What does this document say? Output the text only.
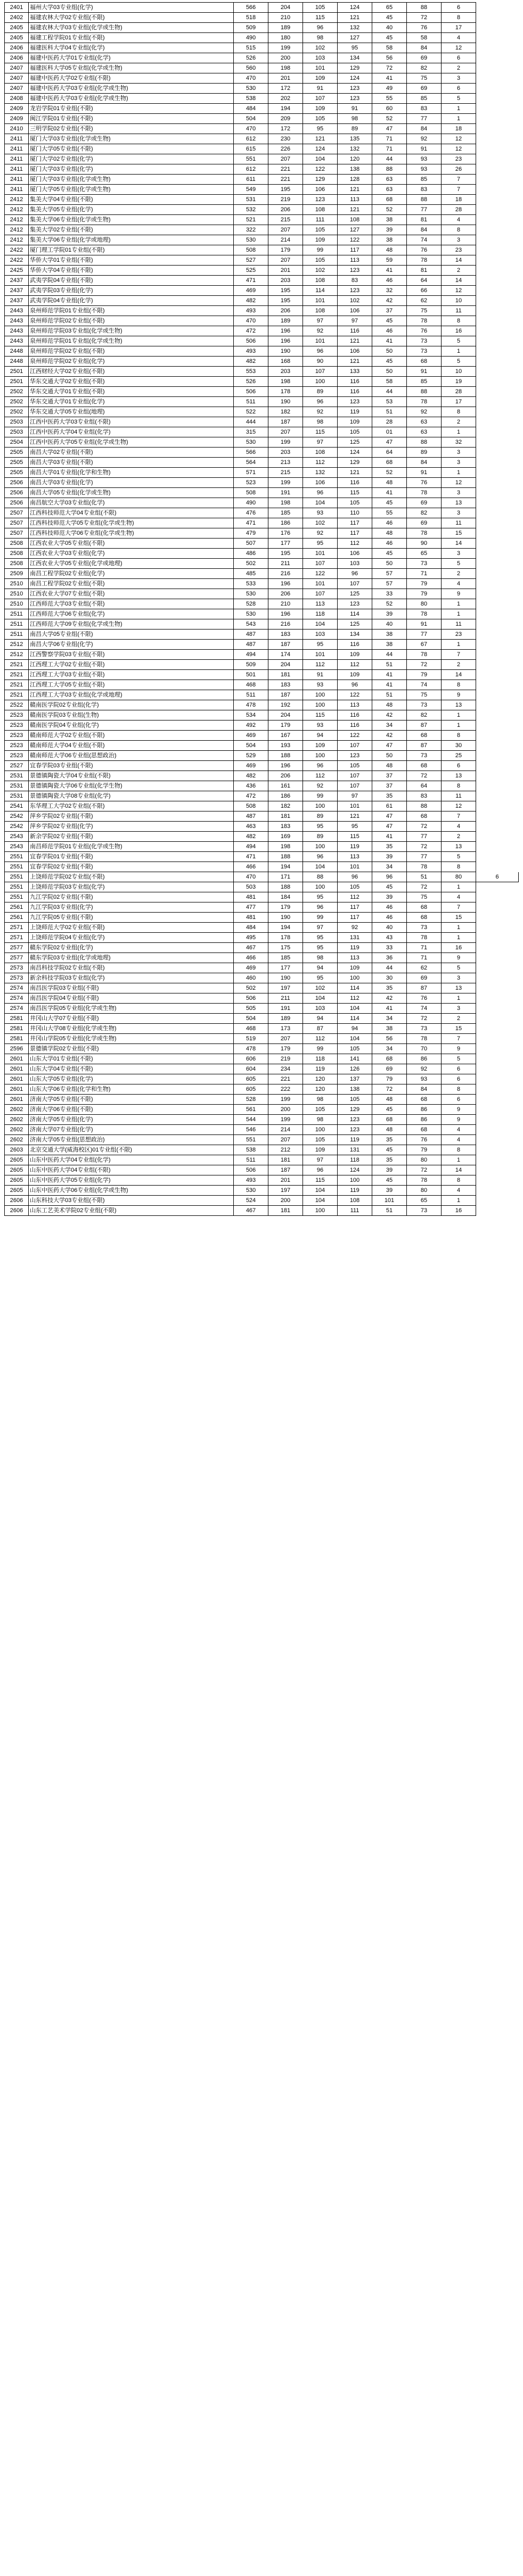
2401	福州大学03专业组(化学)	566	204	105	124	65	88	6	
2402	福建农林大学02专业组(不限)	518	210	115	121	45	72	8	
2405	福建农林大学03专业组(化学或生物)	509	189	96	132	40	76	17	
2405	福建工程学院01专业组(不限)	490	180	98	127	45	58	4	
2406	福建医科大学04专业组(化学)	515	199	102	95	58	84	12	
2406	福建中医药大学01专业组(化学)	526	200	103	134	56	69	6	
2407	福建医科大学05专业组(化学或生物)	560	198	101	129	72	82	2	
2407	福建中医药大学02专业组(不限)	470	201	109	124	41	75	3	
2407	福建中医药大学03专业组(化学或生物)	530	172	91	123	49	69	6	
2408	福建中医药大学03专业组(化学或生物)	538	202	107	123	55	85	5	
2409	龙岩学院01专业组(不限)	484	194	109	91	60	83	1	
2409	闽江学院01专业组(不限)	504	209	105	98	52	77	1	
2410	三明学院02专业组(不限)	470	172	95	89	47	84	18	
2411	厦门大学03专业组(化学或生物)	612	230	121	135	71	92	12	
2411	厦门大学05专业组(不限)	615	226	124	132	71	91	12	
2411	厦门大学02专业组(化学)	551	207	104	120	44	93	23	
2411	厦门大学03专业组(化学)	612	221	122	138	88	93	26	
2411	厦门大学03专业组(化学或生物)	611	221	129	128	63	85	7	
2411	厦门大学05专业组(化学或生物)	549	195	106	121	63	83	7	
2412	集美大学04专业组(不限)	531	219	123	113	68	88	18	
2412	集美大学05专业组(化学)	532	206	108	121	52	77	28	
2412	集美大学06专业组(化学或生物)	521	215	111	108	38	81	4	
2412	集美大学02专业组(不限)	322	207	105	127	39	84	8	
2412	集美大学06专业组(化学或地理)	530	214	109	122	38	74	3	
2422	厦门理工学院01专业组(不限)	508	179	99	117	48	76	23	
2422	华侨大学01专业组(不限)	527	207	105	113	59	78	14	
2425	华侨大学04专业组(不限)	525	201	102	123	41	81	2	
2437	武夷学院04专业组(不限)	471	203	108	83	46	64	14	
2437	武夷学院03专业组(化学)	469	195	114	123	32	66	12	
2437	武夷学院04专业组(化学)	482	195	101	102	42	62	10	
2443	泉州师范学院01专业组(不限)	493	206	108	106	37	75	11	
2443	泉州师范学院02专业组(不限)	470	189	97	97	45	78	8	
2443	泉州师范学院03专业组(化学或生物)	472	196	92	116	46	76	16	
2443	泉州师范学院01专业组(化学或生物)	506	196	101	121	41	73	5	
2448	泉州师范学院02专业组(不限)	493	190	96	106	50	73	1	
2448	泉州师范学院02专业组(化学)	482	168	90	121	45	68	5	
2501	江西财经大学02专业组(不限)	553	203	107	133	50	91	10	
2501	华东交通大学02专业组(不限)	526	198	100	116	58	85	19	
2502	华东交通大学01专业组(不限)	506	178	89	116	44	88	28	
2502	华东交通大学01专业组(化学)	511	190	96	123	53	78	17	
2502	华东交通大学05专业组(地理)	522	182	92	119	51	92	8	
2503	江西中医药大学03专业组(不限)	444	187	98	109	28	63	2	
2503	江西中医药大学04专业组(化学)	315	207	115	105	01	63	1	
2504	江西中医药大学05专业组(化学或生物)	530	199	97	125	47	88	32	
2505	南昌大学02专业组(不限)	566	203	108	124	64	89	3	
2505	南昌大学03专业组(不限)	564	213	112	129	68	84	3	
2505	南昌大学01专业组(化学和生物)	571	215	132	121	52	91	1	
2506	南昌大学03专业组(化学)	523	199	106	116	48	76	12	
2506	南昌大学05专业组(化学或生物)	508	191	96	115	41	78	3	
2506	南昌航空大学03专业组(化学)	490	198	104	105	45	69	13	
2507	江西科技师范大学04专业组(不限)	476	185	93	110	55	82	3	
2507	江西科技师范大学05专业组(化学或生物)	471	186	102	117	46	69	11	
2507	江西科技师范大学06专业组(化学或生物)	479	176	92	117	48	78	15	
2508	江西农业大学05专业组(不限)	507	177	95	112	46	90	14	
2508	江西农业大学03专业组(化学)	486	195	101	106	45	65	3	
2508	江西农业大学05专业组(化学或地理)	502	211	107	103	50	73	5	
2509	南昌工程学院02专业组(化学)	485	216	122	96	57	71	2	
2510	南昌工程学院02专业组(不限)	533	196	101	107	57	79	4	
2510	江西农业大学07专业组(不限)	530	206	107	125	33	79	9	
2510	江西师范大学03专业组(不限)	528	210	113	123	52	80	1	
2511	江西师范大学06专业组(化学)	530	196	118	114	39	78	1	
2511	江西师范大学09专业组(化学或生物)	543	216	104	125	40	91	11	
2511	南昌大学05专业组(不限)	487	183	103	134	38	77	23	
2512	南昌大学06专业组(化学)	487	187	95	116	38	67	1	
2512	江西警察学院03专业组(不限)	494	174	101	109	44	78	7	
2521	江西理工大学02专业组(不限)	509	204	112	112	51	72	2	
2521	江西理工大学03专业组(不限)	501	181	91	109	41	79	14	
2521	江西理工大学05专业组(不限)	468	183	93	96	41	74	8	
2521	江西理工大学03专业组(化学或地理)	511	187	100	122	51	75	9	
2522	赣南医学院02专业组(化学)	478	192	100	113	48	73	13	
2523	赣南医学院03专业组(生物)	534	204	115	116	42	82	1	
2523	赣南医学院04专业组(化学)	492	179	93	116	34	87	1	
2523	赣南师范大学02专业组(不限)	469	167	94	122	42	68	8	
2523	赣南师范大学04专业组(不限)	504	193	109	107	47	87	30	
2523	赣南师范大学06专业组(思想政治)	529	188	100	123	50	73	25	
2527	宜春学院03专业组(不限)	469	196	96	105	48	68	6	
2531	景德镇陶瓷大学04专业组(不限)	482	206	112	107	37	72	13	
2531	景德镇陶瓷大学06专业组(化学生物)	436	161	92	107	37	64	8	
2531	景德镇陶瓷大学08专业组(化学)	472	186	99	97	35	83	11	
2541	东华理工大学02专业组(不限)	508	182	100	101	61	88	12	
2542	萍乡学院02专业组(不限)	487	181	89	121	47	68	7	
2542	萍乡学院02专业组(化学)	463	183	95	95	47	72	4	
2543	新余学院02专业组(不限)	482	169	89	115	41	77	2	
2543	南昌师范学院01专业组(化学或生物)	494	198	100	119	35	72	13	
2551	宜春学院01专业组(不限)	471	188	96	113	39	77	5	
2551	宜春学院02专业组(不限)	466	194	104	101	34	78	8	
2551	上饶师范学院02专业组(不限)	470	171	88	96	96	51	80	6
2551	上饶师范学院03专业组(化学)	503	188	100	105	45	72	1	
2551	九江学院02专业组(不限)	481	184	95	112	39	75	4	
2561	九江学院03专业组(化学)	477	179	96	117	46	68	7	
2561	九江学院05专业组(不限)	481	190	99	117	46	68	15	
2571	上饶师范大学02专业组(不限)	484	194	97	92	40	73	1	
2571	上饶师范学院04专业组(化学)	495	178	95	131	43	78	1	
2577	赣东学院02专业组(化学)	467	175	95	119	33	71	16	
2577	赣东学院03专业组(化学或地理)	466	185	98	113	36	71	9	
2573	南昌科技学院02专业组(不限)	469	177	94	109	44	62	5	
2573	新余科技学院03专业组(化学)	460	190	95	100	30	69	3	
2574	南昌医学院03专业组(不限)	502	197	102	114	35	87	13	
2574	南昌医学院04专业组(不限)	506	211	104	112	42	76	1	
2574	南昌医学院05专业组(化学或生物)	505	191	103	104	41	74	3	
2581	井冈山大学07专业组(不限)	504	189	94	114	34	72	2	
2581	井冈山大学08专业组(化学或生物)	468	173	87	94	38	73	15	
2581	井冈山学院05专业组(化学或生物)	519	207	112	104	56	78	7	
2596	景德镇学院02专业组(不限)	478	179	99	105	34	70	9	
2601	山东大学01专业组(不限)	606	219	118	141	68	86	5	
2601	山东大学04专业组(不限)	604	234	119	126	69	92	6	
2601	山东大学05专业组(化学)	605	221	120	137	79	93	6	
2601	山东大学06专业组(化学和生物)	605	222	120	138	72	84	8	
2601	济南大学05专业组(不限)	528	199	98	105	48	68	6	
2602	济南大学06专业组(不限)	561	200	105	129	45	86	9	
2602	济南大学05专业组(化学)	544	199	98	123	68	86	9	
2602	济南大学07专业组(化学)	546	214	100	123	48	68	4	
2602	济南大学05专业组(思想政治)	551	207	105	119	35	76	4	
2603	北京交通大学(威海校区)01专业组(不限)	538	212	109	131	45	79	8	
2605	山东中医药大学04专业组(化学)	511	181	97	118	35	80	1	
2605	山东中医药大学04专业组(不限)	506	187	96	124	39	72	14	
2605	山东中医药大学05专业组(化学)	493	201	115	100	45	78	8	
2605	山东中医药大学06专业组(化学或生物)	530	197	104	119	39	80	4	
2606	山东科技大学03专业组(不限)	524	200	104	108	101	65	1	
2606	山东工艺美术学院02专业组(不限)	467	181	100	111	51	73	16	
